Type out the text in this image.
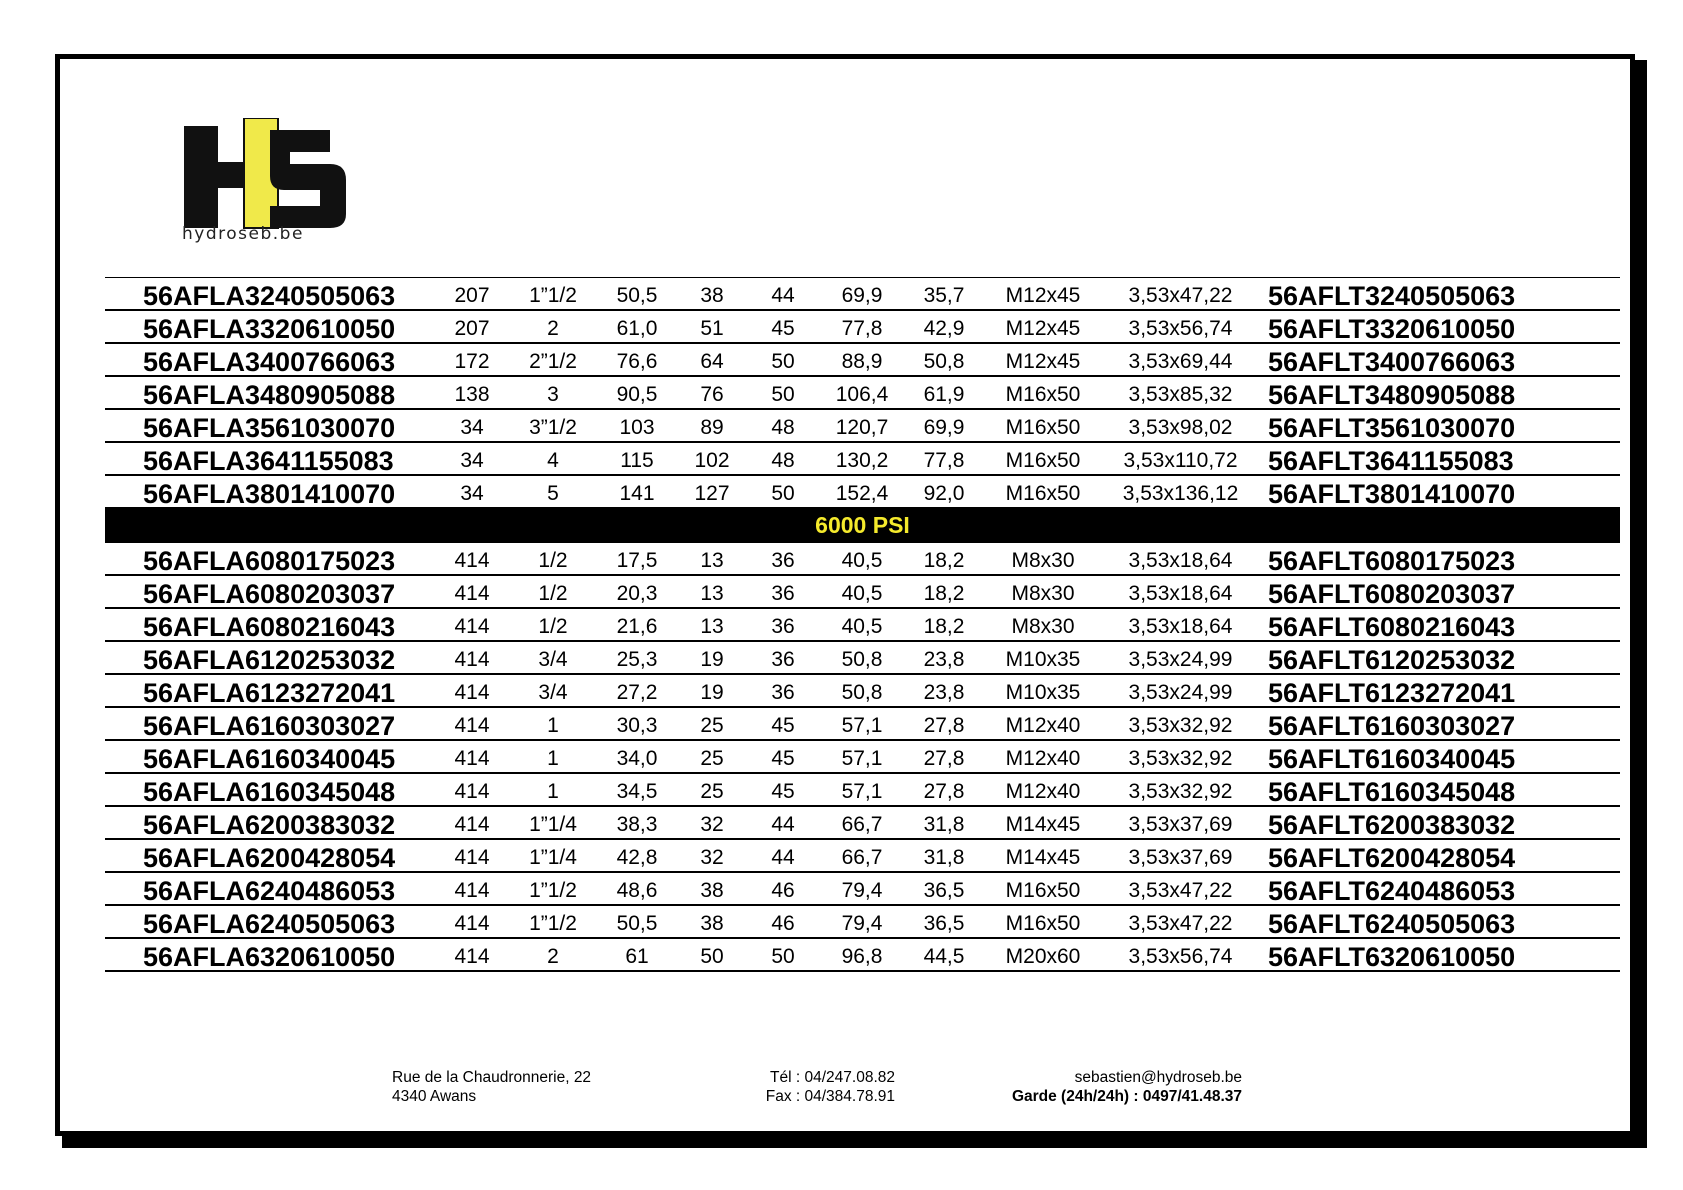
hydroseb.be
56AFLA3240505063	207	1”1/2	50,5	38	44	69,9	35,7	M12x45	3,53x47,22	56AFLT3240505063
56AFLA3320610050	207	2	61,0	51	45	77,8	42,9	M12x45	3,53x56,74	56AFLT3320610050
56AFLA3400766063	172	2”1/2	76,6	64	50	88,9	50,8	M12x45	3,53x69,44	56AFLT3400766063
56AFLA3480905088	138	3	90,5	76	50	106,4	61,9	M16x50	3,53x85,32	56AFLT3480905088
56AFLA3561030070	34	3”1/2	103	89	48	120,7	69,9	M16x50	3,53x98,02	56AFLT3561030070
56AFLA3641155083	34	4	115	102	48	130,2	77,8	M16x50	3,53x110,72	56AFLT3641155083
56AFLA3801410070	34	5	141	127	50	152,4	92,0	M16x50	3,53x136,12	56AFLT3801410070
6000 PSI										
56AFLA6080175023	414	1/2	17,5	13	36	40,5	18,2	M8x30	3,53x18,64	56AFLT6080175023
56AFLA6080203037	414	1/2	20,3	13	36	40,5	18,2	M8x30	3,53x18,64	56AFLT6080203037
56AFLA6080216043	414	1/2	21,6	13	36	40,5	18,2	M8x30	3,53x18,64	56AFLT6080216043
56AFLA6120253032	414	3/4	25,3	19	36	50,8	23,8	M10x35	3,53x24,99	56AFLT6120253032
56AFLA6123272041	414	3/4	27,2	19	36	50,8	23,8	M10x35	3,53x24,99	56AFLT6123272041
56AFLA6160303027	414	1	30,3	25	45	57,1	27,8	M12x40	3,53x32,92	56AFLT6160303027
56AFLA6160340045	414	1	34,0	25	45	57,1	27,8	M12x40	3,53x32,92	56AFLT6160340045
56AFLA6160345048	414	1	34,5	25	45	57,1	27,8	M12x40	3,53x32,92	56AFLT6160345048
56AFLA6200383032	414	1”1/4	38,3	32	44	66,7	31,8	M14x45	3,53x37,69	56AFLT6200383032
56AFLA6200428054	414	1”1/4	42,8	32	44	66,7	31,8	M14x45	3,53x37,69	56AFLT6200428054
56AFLA6240486053	414	1”1/2	48,6	38	46	79,4	36,5	M16x50	3,53x47,22	56AFLT6240486053
56AFLA6240505063	414	1”1/2	50,5	38	46	79,4	36,5	M16x50	3,53x47,22	56AFLT6240505063
56AFLA6320610050	414	2	61	50	50	96,8	44,5	M20x60	3,53x56,74	56AFLT6320610050
Rue de la Chaudronnerie, 22
4340 Awans
Tél : 04/247.08.82
Fax : 04/384.78.91
sebastien@hydroseb.be
Garde (24h/24h) : 0497/41.48.37
